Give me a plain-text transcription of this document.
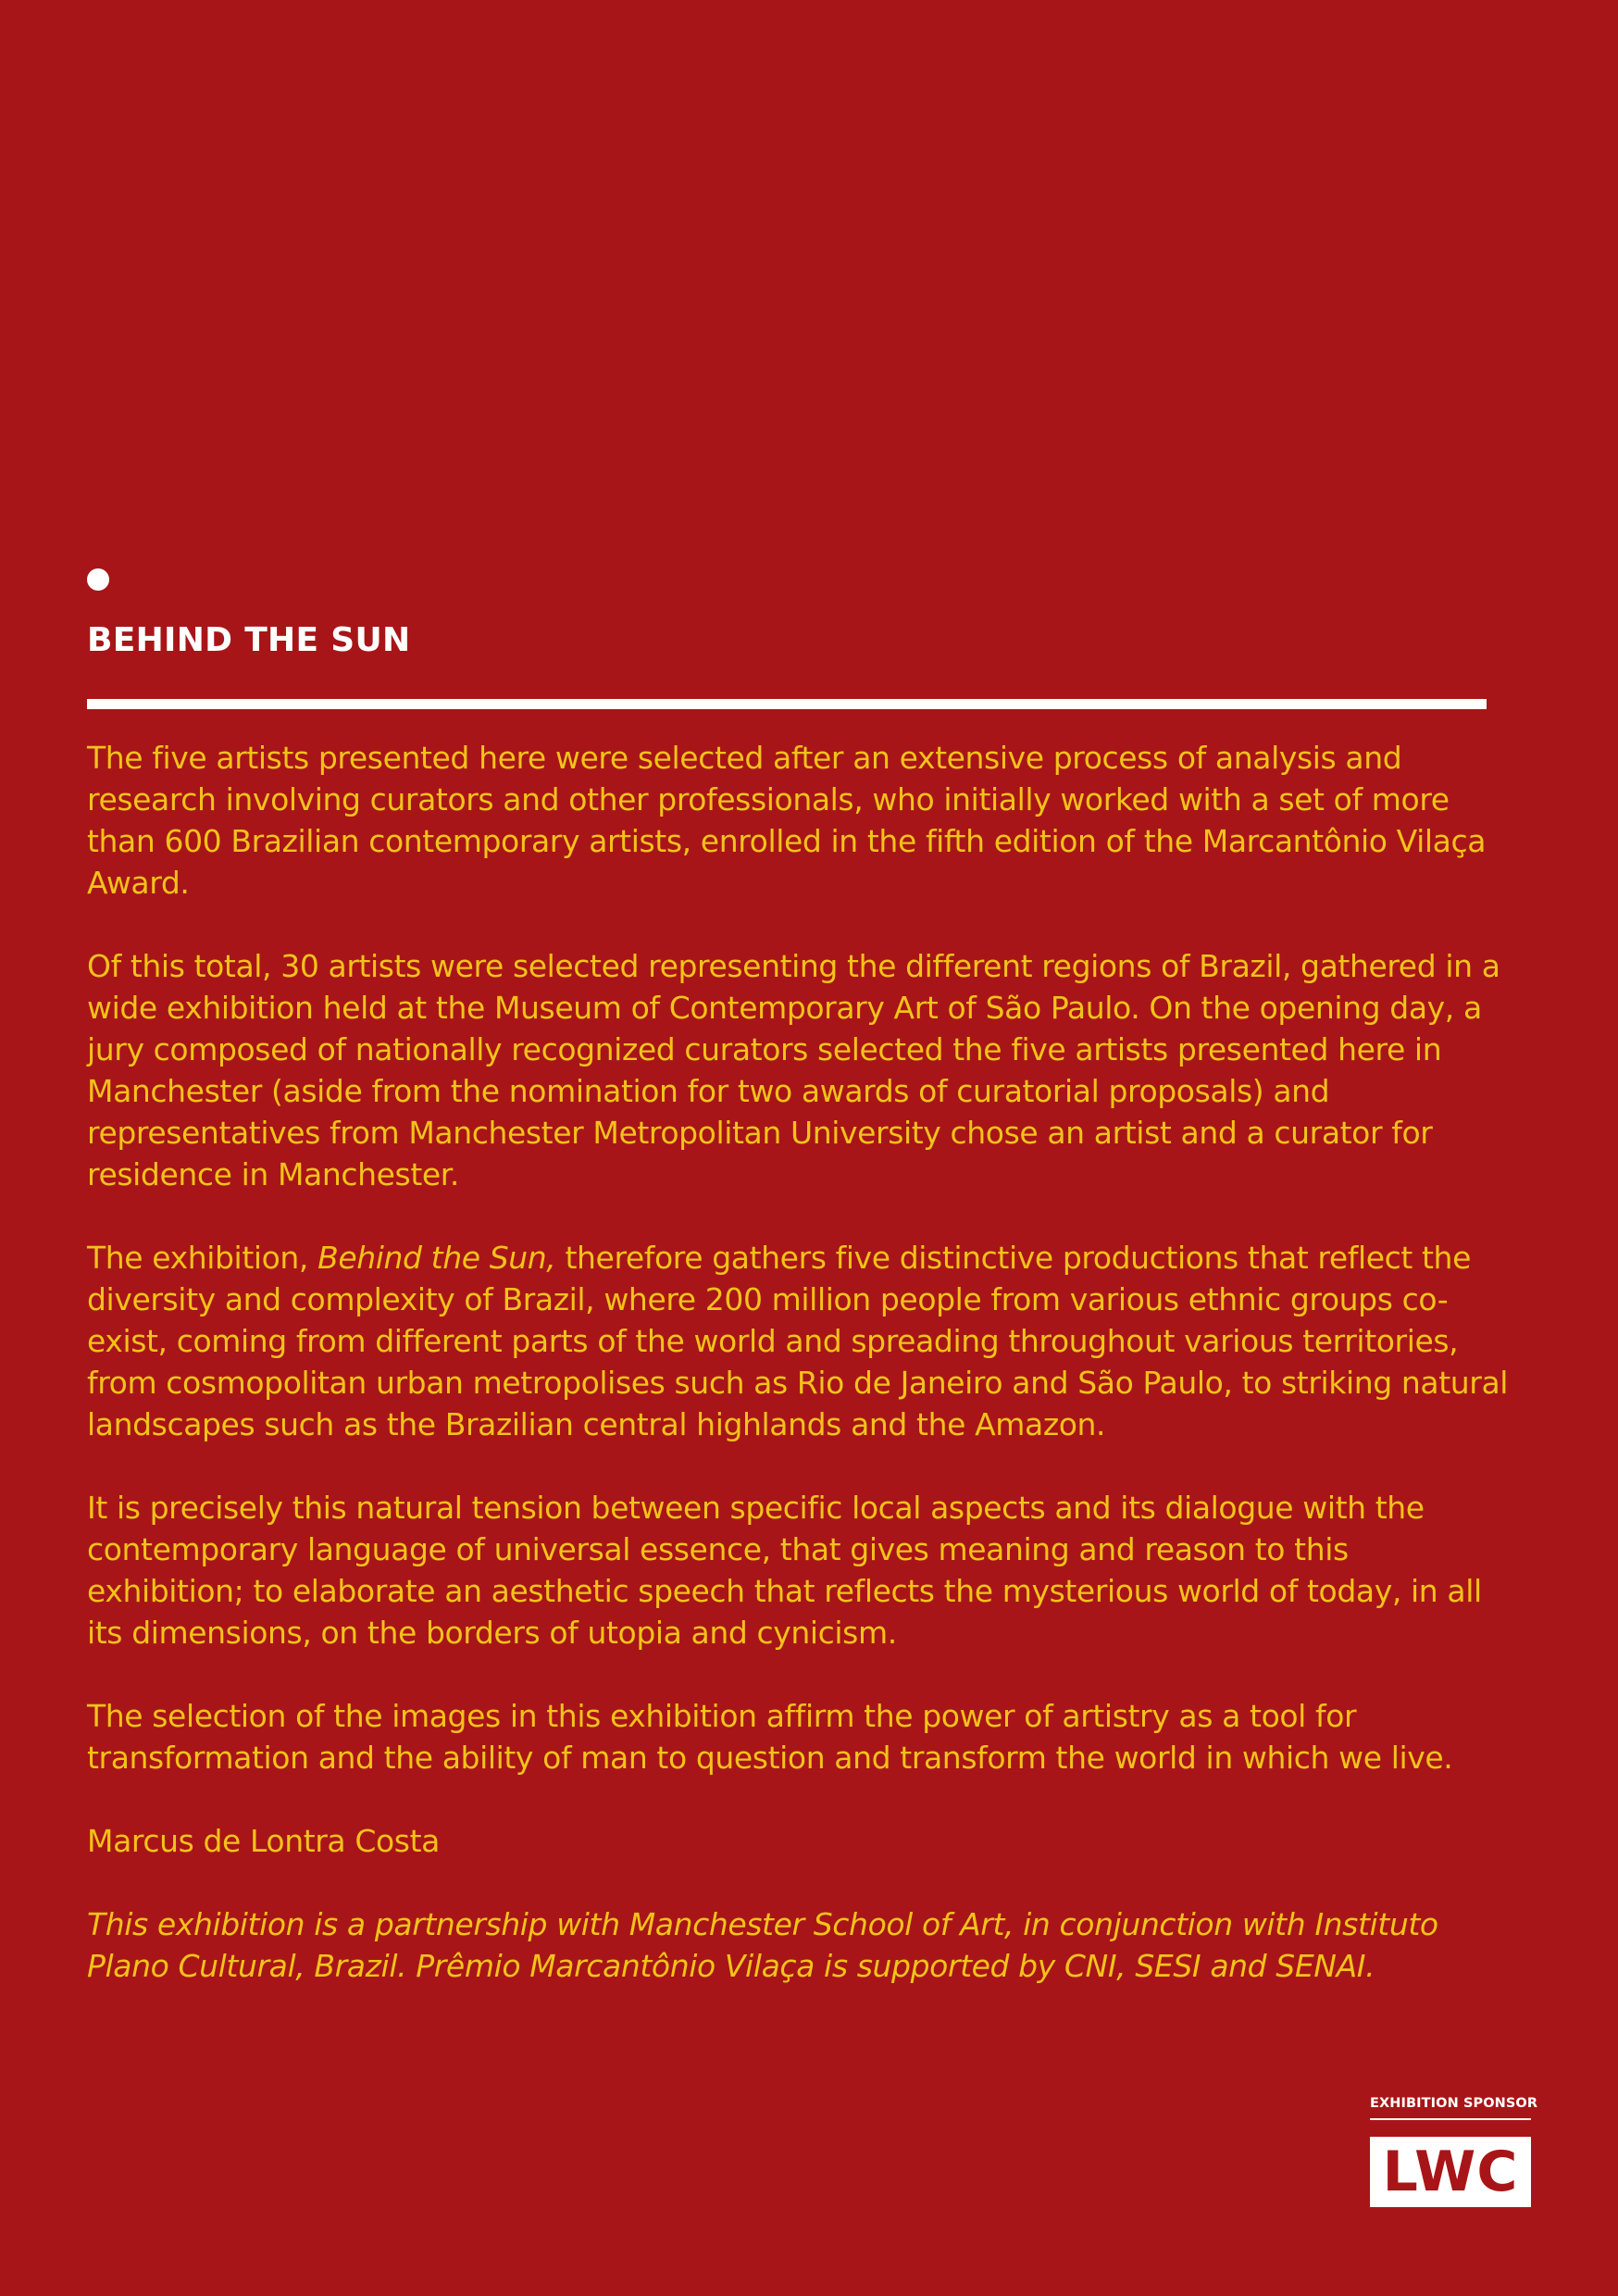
BEHIND THE SUN

The five artists presented here were selected after an extensive process of analysis and research involving curators and other professionals, who initially worked with a set of more than 600 Brazilian contemporary artists, enrolled in the fifth edition of the Marcantônio Vilaça Award.

Of this total, 30 artists were selected representing the different regions of Brazil, gathered in a wide exhibition held at the Museum of Contemporary Art of São Paulo. On the opening day, a jury composed of nationally recognized curators selected the five artists presented here in Manchester (aside from the nomination for two awards of curatorial proposals) and representatives from Manchester Metropolitan University chose an artist and a curator for residence in Manchester.

The exhibition, Behind the Sun, therefore gathers five distinctive productions that reflect the diversity and complexity of Brazil, where 200 million people from various ethnic groups co-exist, coming from different parts of the world and spreading throughout various territories, from cosmopolitan urban metropolises such as Rio de Janeiro and São Paulo, to striking natural landscapes such as the Brazilian central highlands and the Amazon.

It is precisely this natural tension between specific local aspects and its dialogue with the contemporary language of universal essence, that gives meaning and reason to this exhibition; to elaborate an aesthetic speech that reflects the mysterious world of today, in all its dimensions, on the borders of utopia and cynicism.

The selection of the images in this exhibition affirm the power of artistry as a tool for transformation and the ability of man to question and transform the world in which we live.

Marcus de Lontra Costa

This exhibition is a partnership with Manchester School of Art, in conjunction with Instituto Plano Cultural, Brazil. Prêmio Marcantônio Vilaça is supported by CNI, SESI and SENAI.

EXHIBITION SPONSOR
LWC
